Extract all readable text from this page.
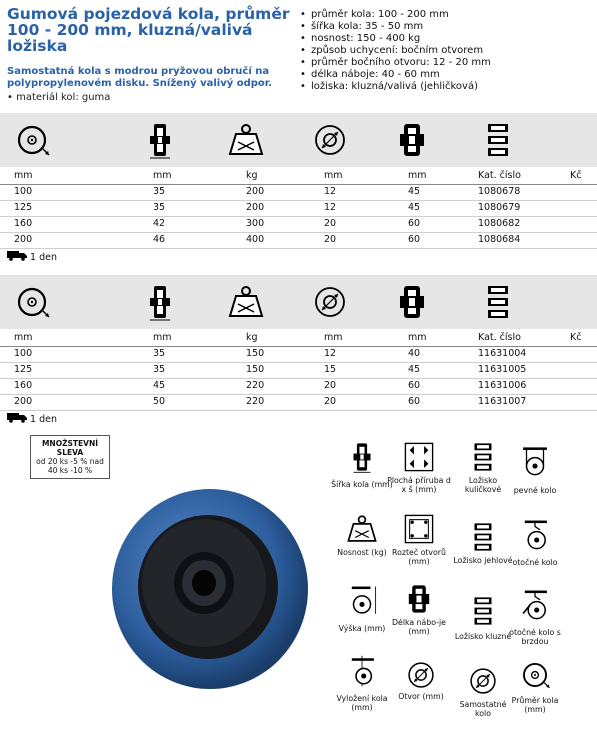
Gumová pojezdová kola, průměr 100 - 200 mm, kluzná/valivá ložiska
Samostatná kola s modrou pryžovou obručí na polypropylenovém disku. Snížený valivý odpor.
• materiál kol: guma
• průměr kola: 100 - 200 mm
• šířka kola: 35 - 50 mm
• nosnost: 150 - 400 kg
• způsob uchycení: bočním otvorem
• průměr bočního otvoru: 12 - 20 mm
• délka náboje: 40 - 60 mm
• ložiska: kluzná/valivá (jehličková)
mm	mm	kg	mm	mm	Kat. číslo	Kč
100	35	200	12	45	1080678
125	35	200	12	45	1080679
160	42	300	20	60	1080682
200	46	400	20	60	1080684
1 den
mm	mm	kg	mm	mm	Kat. číslo	Kč
100	35	150	12	40	11631004
125	35	150	15	45	11631005
160	45	220	20	60	11631006
200	50	220	20	60	11631007
1 den
MNOŽSTEVNÍ SLEVA
od 20 ks -5 % nad
40 ks -10 %
Šířka kola (mm)
Plochá příruba d x š (mm)
Ložisko kuličkové	pevné kolo
Nosnost (kg) Rozteč otvorů (mm)	Ložisko jehlové otočné kolo
Výška (mm)
Délka nábo-je (mm)
Ložisko kluzné
otočné kolo s brzdou
Vyložení kola (mm)
Otvor (mm)
Samostatné kolo
Průměr kola (mm)
